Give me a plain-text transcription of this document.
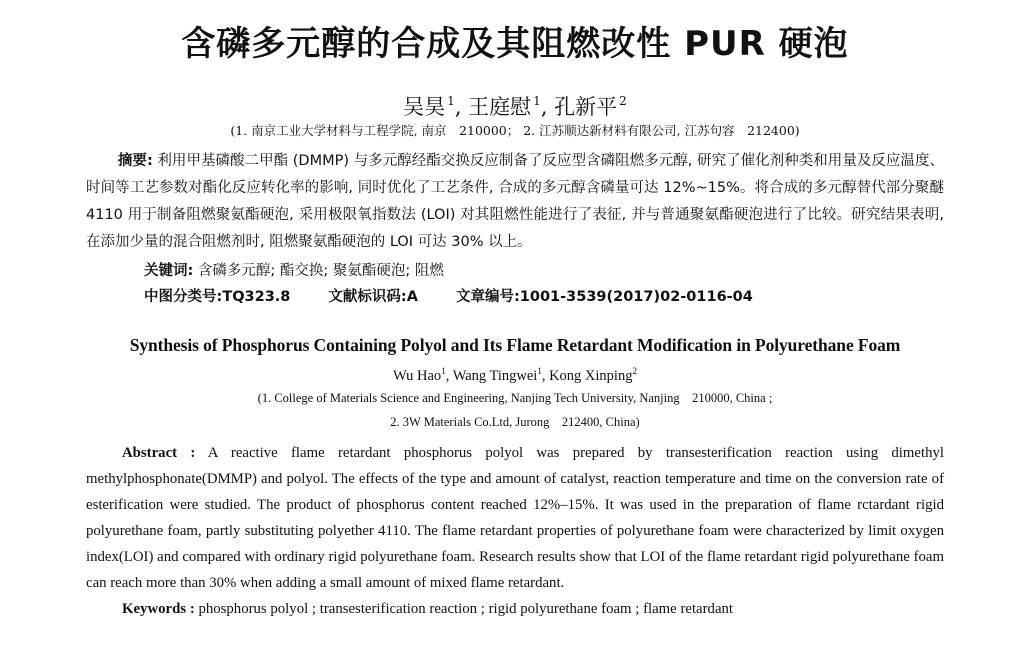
含磷多元醇的合成及其阻燃改性 PUR 硬泡
吴昊 $^1$, 王庭慰 $^1$, 孔新平 $^2$
(1. 南京工业大学材料与工程学院, 南京　210000； 2. 江苏顺达新材料有限公司, 江苏句容　212400)
摘要: 利用甲基磷酸二甲酯 (DMMP) 与多元醇经酯交换反应制备了反应型含磷阻燃多元醇, 研究了催化剂种类和用量及反应温度、时间等工艺参数对酯化反应转化率的影响, 同时优化了工艺条件, 合成的多元醇含磷量可达 12%~15%。将合成的多元醇替代部分聚醚 4110 用于制备阻燃聚氨酯硬泡, 采用极限氧指数法 (LOI) 对其阻燃性能进行了表征, 并与普通聚氨酯硬泡进行了比较。研究结果表明, 在添加少量的混合阻燃剂时, 阻燃聚氨酯硬泡的 LOI 可达 30% 以上。
关键词: 含磷多元醇; 酯交换; 聚氨酯硬泡; 阻燃
中图分类号:TQ323.8	文献标识码:A	文章编号:1001-3539(2017)02-0116-04
Synthesis of Phosphorus Containing Polyol and Its Flame Retardant Modification in Polyurethane Foam
Wu Hao$^1$, Wang Tingwei$^1$, Kong Xinping$^2$
(1. College of Materials Science and Engineering, Nanjing Tech University, Nanjing　210000, China ;
2. 3W Materials Co.Ltd, Jurong　212400, China)
Abstract : A reactive flame retardant phosphorus polyol was prepared by transesterification reaction using dimethyl methylphosphonate(DMMP) and polyol. The effects of the type and amount of catalyst, reaction temperature and time on the conversion rate of esterification were studied. The product of phosphorus content reached 12%–15%. It was used in the preparation of flame rctardant rigid polyurethane foam, partly substituting polyether 4110. The flame retardant properties of polyurethane foam were characterized by limit oxygen index(LOI) and compared with ordinary rigid polyurethane foam. Research results show that LOI of the flame retardant rigid polyurethane foam can reach more than 30% when adding a small amount of mixed flame retardant.
Keywords : phosphorus polyol ; transesterification reaction ; rigid polyurethane foam ; flame retardant
